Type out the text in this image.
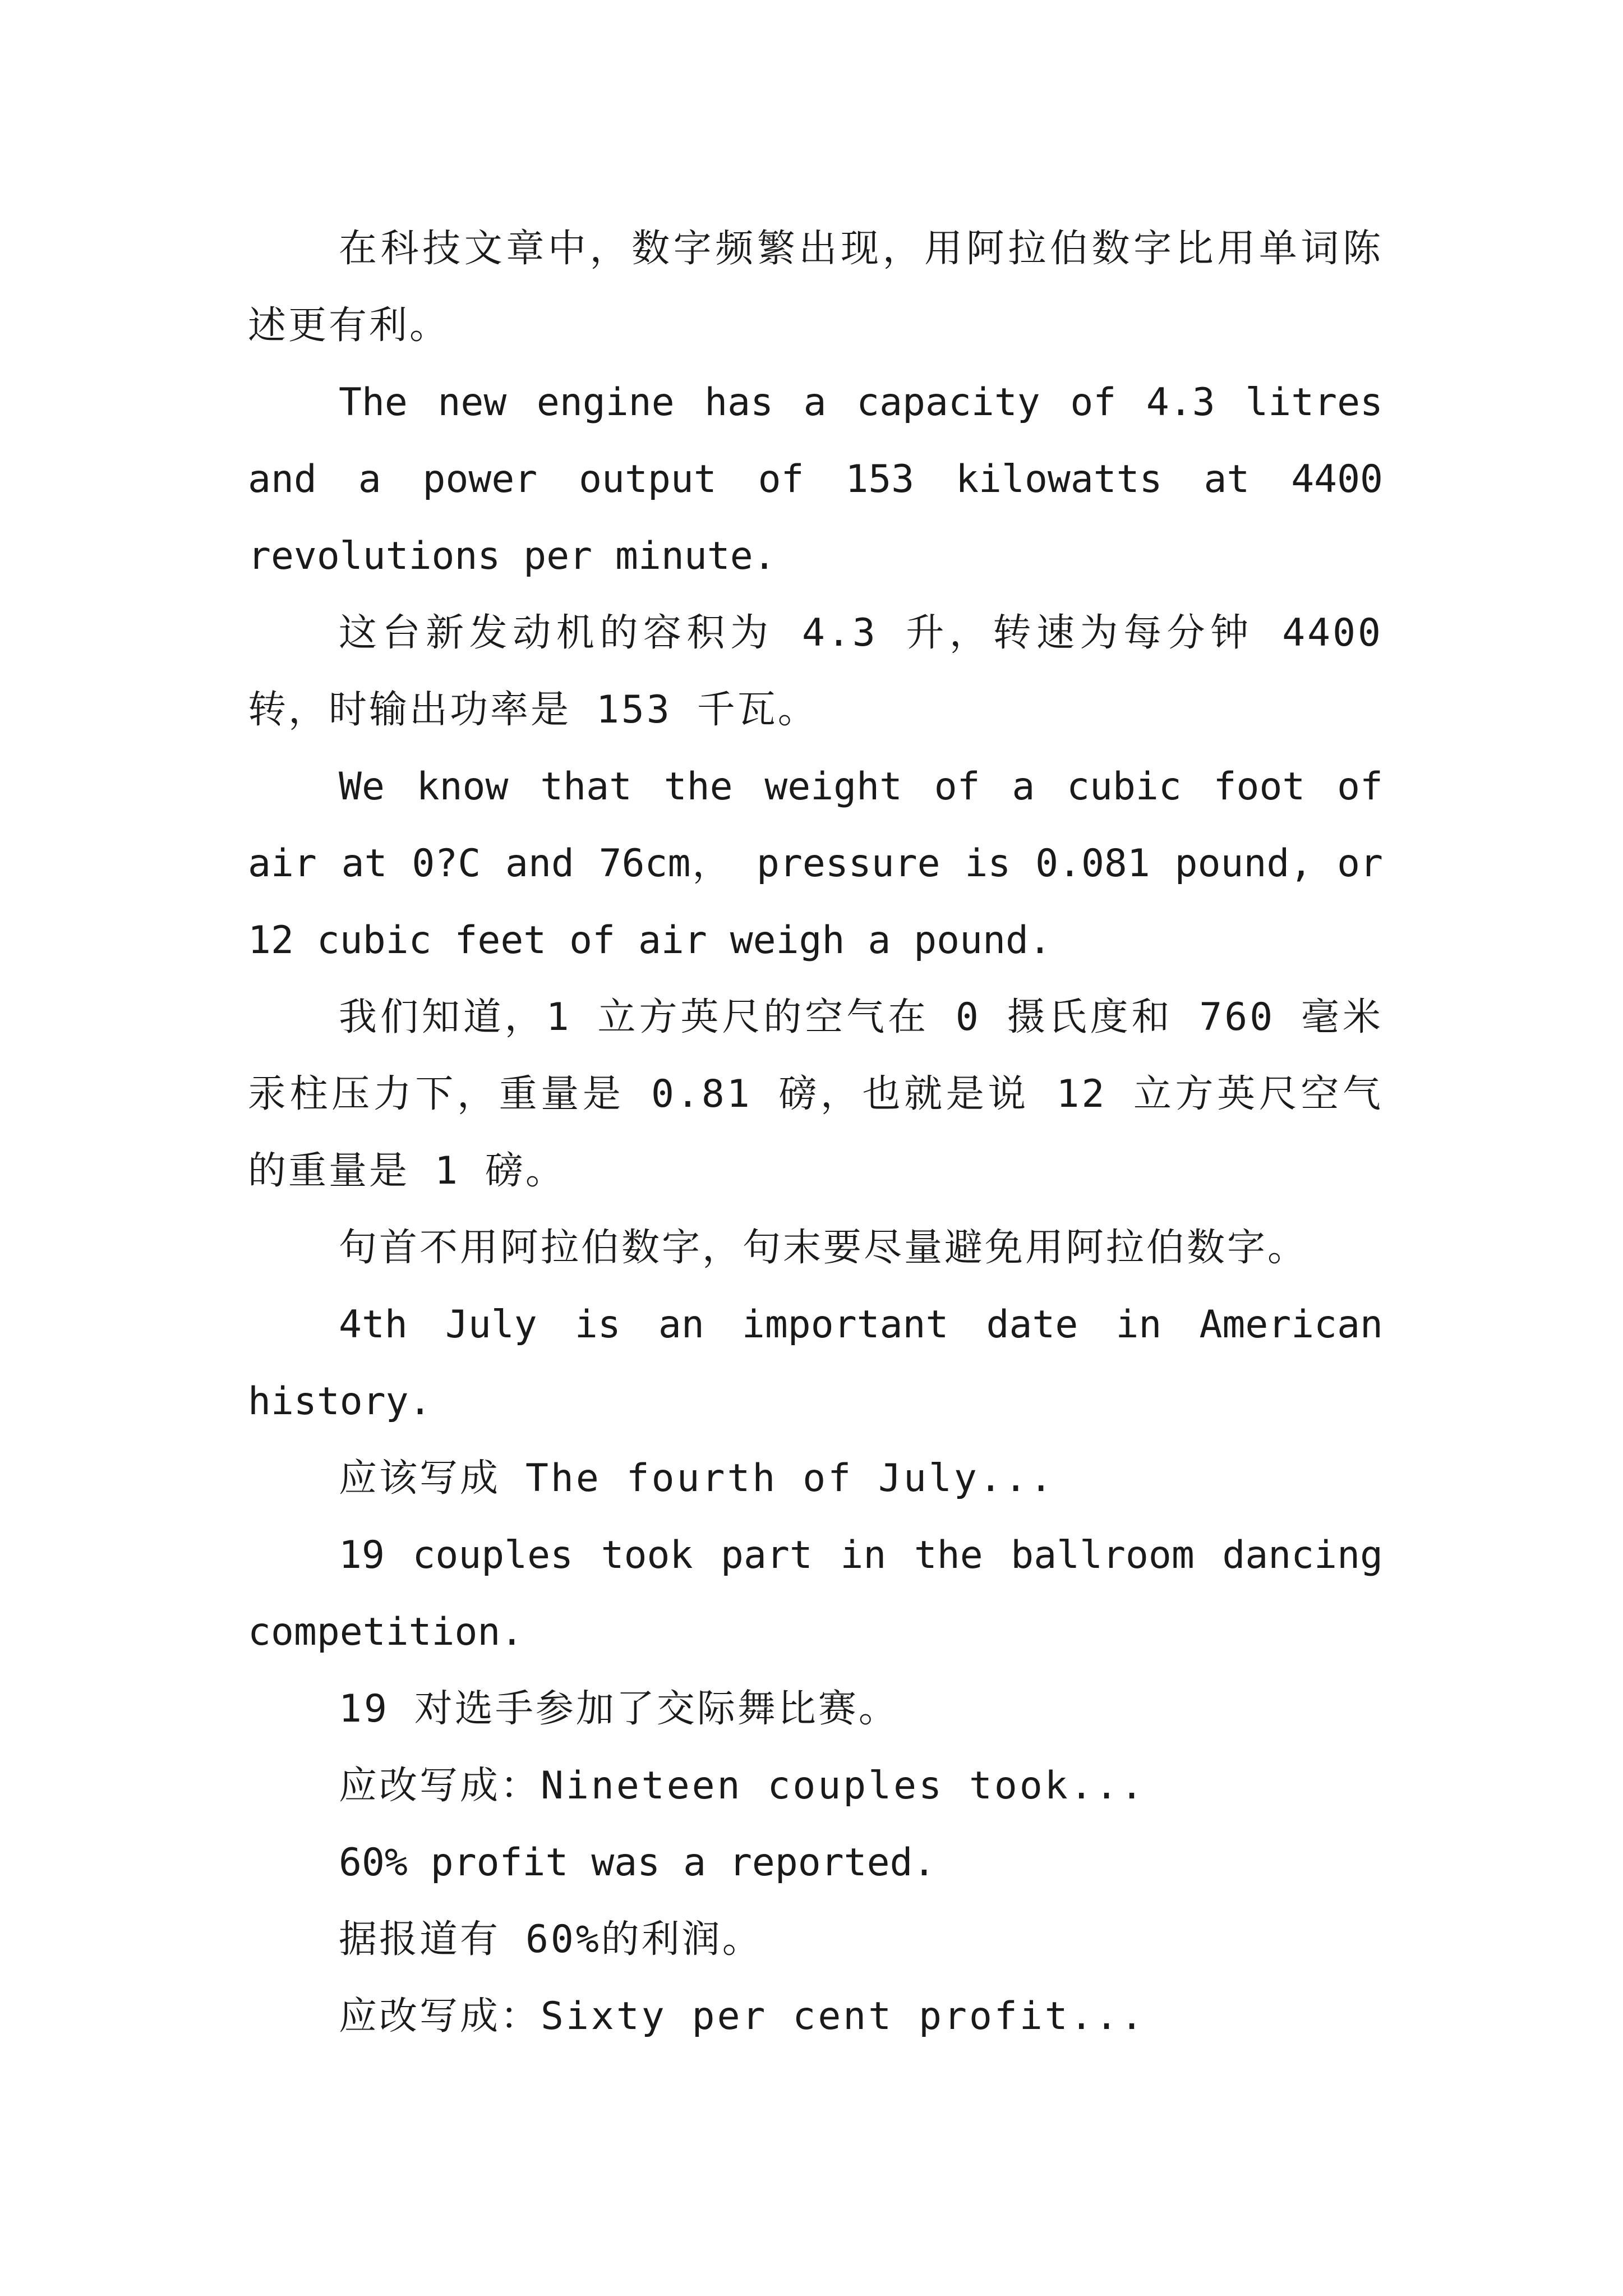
在科技文章中，数字频繁出现，用阿拉伯数字比用单词陈述更有利。

The new engine has a capacity of 4.3 litres and a power output of 153 kilowatts at 4400 revolutions per minute.

这台新发动机的容积为 4.3 升，转速为每分钟 4400 转，时输出功率是 153 千瓦。

We know that the weight of a cubic foot of air at 0?C and 76cm， pressure is 0.081 pound, or 12 cubic feet of air weigh a pound.

我们知道，1 立方英尺的空气在 0 摄氏度和 760 毫米汞柱压力下，重量是 0.81 磅，也就是说 12 立方英尺空气的重量是 1 磅。

句首不用阿拉伯数字，句末要尽量避免用阿拉伯数字。

4th July is an important date in American history.

应该写成 The fourth of July...

19 couples took part in the ballroom dancing competition.

19 对选手参加了交际舞比赛。

应改写成：Nineteen couples took...

60% profit was a reported.

据报道有 60%的利润。

应改写成：Sixty per cent profit...
